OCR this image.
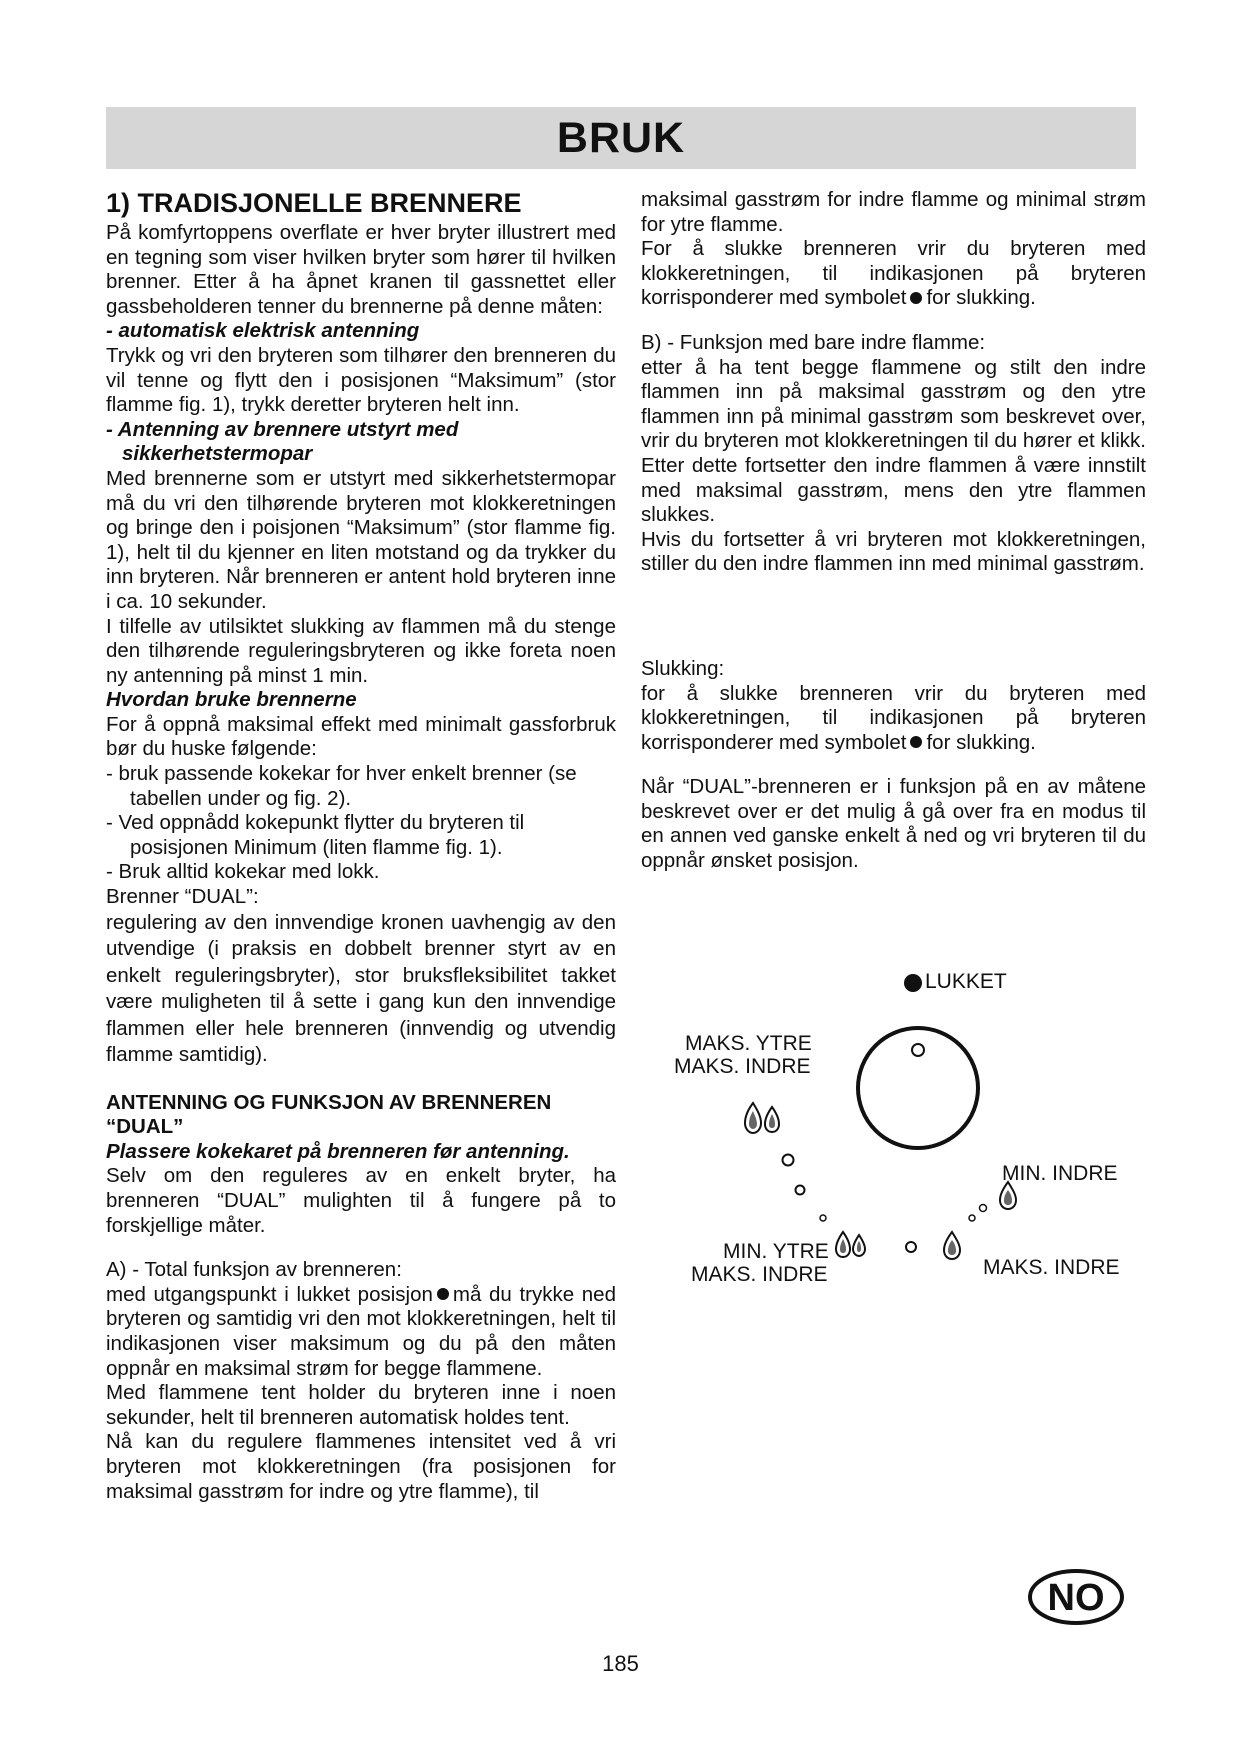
BRUK

1) TRADISJONELLE BRENNERE

På komfyrtoppens overflate er hver bryter illustrert med en tegning som viser hvilken bryter som hører til hvilken brenner. Etter å ha åpnet kranen til gassnettet eller gassbeholderen tenner du brennerne på denne måten:

- automatisk elektrisk antenning

Trykk og vri den bryteren som tilhører den brenneren du vil tenne og flytt den i posisjonen “Maksimum” (stor flamme fig. 1), trykk deretter bryteren helt inn.

- Antenning av brennere utstyrt med

sikkerhetstermopar

Med brennerne som er utstyrt med sikkerhetstermopar må du vri den tilhørende bryteren mot klokkeretningen og bringe den i poisjonen “Maksimum” (stor flamme fig. 1), helt til du kjenner en liten motstand og da trykker du inn bryteren. Når brenneren er antent hold bryteren inne i ca. 10 sekunder.

I tilfelle av utilsiktet slukking av flammen må du stenge den tilhørende reguleringsbryteren og ikke foreta noen ny antenning på minst 1 min.

Hvordan bruke brennerne

For å oppnå maksimal effekt med minimalt gassforbruk bør du huske følgende:

- bruk passende kokekar for hver enkelt brenner (se tabellen under og fig. 2).

- Ved oppnådd kokepunkt flytter du bryteren til posisjonen Minimum (liten flamme fig. 1).

- Bruk alltid kokekar med lokk.

Brenner “DUAL”:

regulering av den innvendige kronen uavhengig av den utvendige (i praksis en dobbelt brenner styrt av en enkelt reguleringsbryter), stor bruksfleksibilitet takket være muligheten til å sette i gang kun den innvendige flammen eller hele brenneren (innvendig og utvendig flamme samtidig).

ANTENNING OG FUNKSJON AV BRENNEREN “DUAL”

Plassere kokekaret på brenneren før antenning.

Selv om den reguleres av en enkelt bryter, ha brenneren “DUAL” mulighten til å fungere på to forskjellige måter.

A) - Total funksjon av brenneren:

med utgangspunkt i lukket posisjon må du trykke ned bryteren og samtidig vri den mot klokkeretningen, helt til indikasjonen viser maksimum og du på den måten oppnår en maksimal strøm for begge flammene.

Med flammene tent holder du bryteren inne i noen sekunder, helt til brenneren automatisk holdes tent.

Nå kan du regulere flammenes intensitet ved å vri bryteren mot klokkeretningen (fra posisjonen for maksimal gasstrøm for indre og ytre flamme), til

maksimal gasstrøm for indre flamme og minimal strøm for ytre flamme.

For å slukke brenneren vrir du bryteren med klokkeretningen, til indikasjonen på bryteren korrisponderer med symbolet for slukking.

B) - Funksjon med bare indre flamme:

etter å ha tent begge flammene og stilt den indre flammen inn på maksimal gasstrøm og den ytre flammen inn på minimal gasstrøm som beskrevet over, vrir du bryteren mot klokkeretningen til du hører et klikk. Etter dette fortsetter den indre flammen å være innstilt med maksimal gasstrøm, mens den ytre flammen slukkes.

Hvis du fortsetter å vri bryteren mot klokkeretningen, stiller du den indre flammen inn med minimal gasstrøm.

Slukking:

for å slukke brenneren vrir du bryteren med klokkeretningen, til indikasjonen på bryteren korrisponderer med symbolet for slukking.

Når “DUAL”-brenneren er i funksjon på en av måtene beskrevet over er det mulig å gå over fra en modus til en annen ved ganske enkelt å ned og vri bryteren til du oppnår ønsket posisjon.

LUKKET
MAKS. YTRE
MAKS. INDRE
MIN. INDRE
MIN. YTRE
MAKS. INDRE	MAKS. INDRE
NO
185
